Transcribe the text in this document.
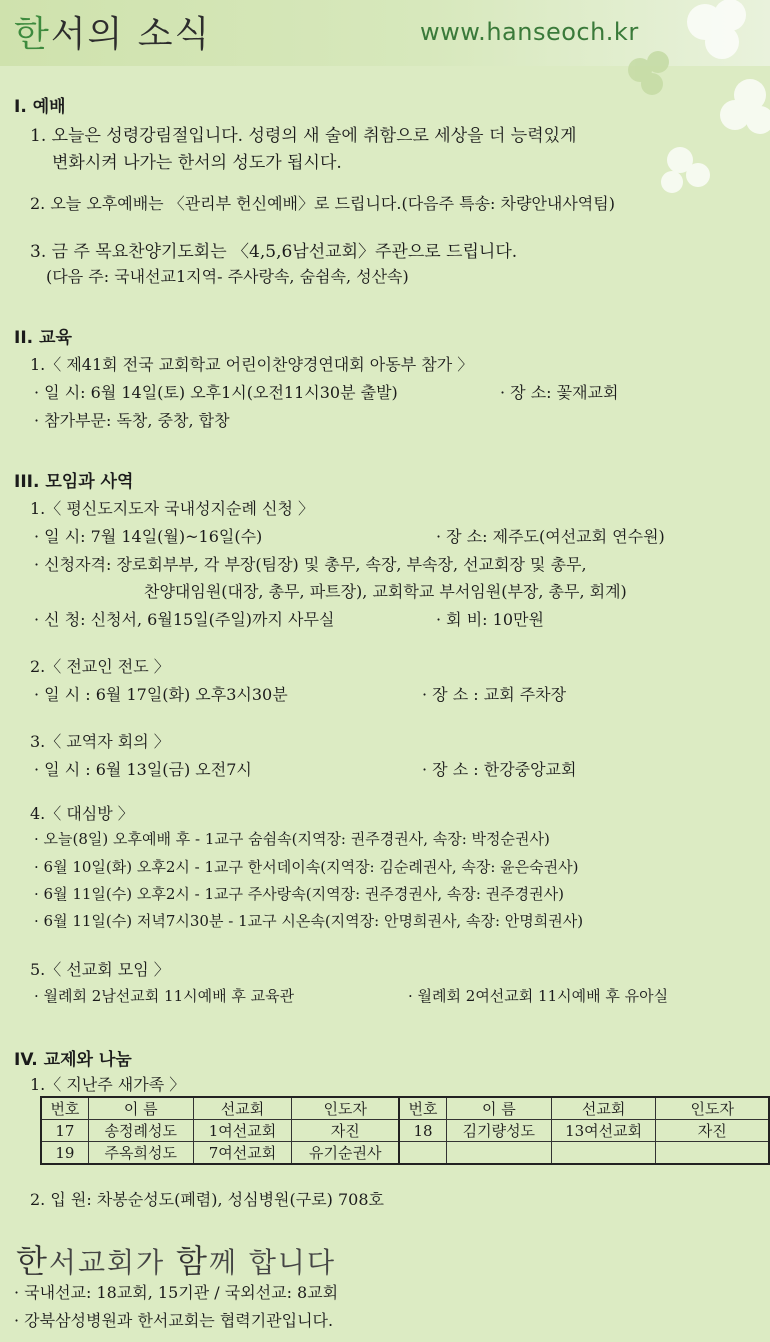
한서의 소식	www.hanseoch.kr
I. 예배
1. 오늘은 성령강림절입니다. 성령의 새 술에 취함으로 세상을 더 능력있게
변화시켜 나가는 한서의 성도가 됩시다.
2. 오늘 오후예배는 〈관리부 헌신예배〉로 드립니다.(다음주 특송: 차량안내사역팀)
3. 금 주 목요찬양기도회는 〈4,5,6남선교회〉주관으로 드립니다.
(다음 주: 국내선교1지역- 주사랑속, 숨쉼속, 성산속)
II. 교육
1.〈 제41회 전국 교회학교 어린이찬양경연대회 아동부 참가 〉
· 일 시: 6월 14일(토) 오후1시(오전11시30분 출발)	· 장 소: 꽃재교회
· 참가부문: 독창, 중창, 합창
III. 모임과 사역
1.〈 평신도지도자 국내성지순례 신청 〉
· 일 시: 7월 14일(월)~16일(수)	· 장 소: 제주도(여선교회 연수원)
· 신청자격: 장로회부부, 각 부장(팀장) 및 총무, 속장, 부속장, 선교회장 및 총무,
찬양대임원(대장, 총무, 파트장), 교회학교 부서임원(부장, 총무, 회계)
· 신 청: 신청서, 6월15일(주일)까지 사무실	· 회 비: 10만원
2.〈 전교인 전도 〉
· 일 시 : 6월 17일(화) 오후3시30분	· 장 소 : 교회 주차장
3.〈 교역자 회의 〉
· 일 시 : 6월 13일(금) 오전7시	· 장 소 : 한강중앙교회
4.〈 대심방 〉
· 오늘(8일) 오후예배 후 - 1교구 숨쉼속(지역장: 권주경권사, 속장: 박정순권사)
· 6월 10일(화) 오후2시 - 1교구 한서데이속(지역장: 김순례권사, 속장: 윤은숙권사)
· 6월 11일(수) 오후2시 - 1교구 주사랑속(지역장: 권주경권사, 속장: 권주경권사)
· 6월 11일(수) 저녁7시30분 - 1교구 시온속(지역장: 안명희권사, 속장: 안명희권사)
5.〈 선교회 모임 〉
· 월례회 2남선교회 11시예배 후 교육관	· 월례회 2여선교회 11시예배 후 유아실
IV. 교제와 나눔
1.〈 지난주 새가족 〉
번호	이 름	선교회	인도자	번호	이 름	선교회	인도자
17	송정례성도	1여선교회	자진	18	김기량성도	13여선교회	자진
19	주옥희성도	7여선교회	유기순권사				
2. 입 원: 차봉순성도(폐렴), 성심병원(구로) 708호
한서교회가 함께 합니다
· 국내선교: 18교회, 15기관 / 국외선교: 8교회
· 강북삼성병원과 한서교회는 협력기관입니다.
